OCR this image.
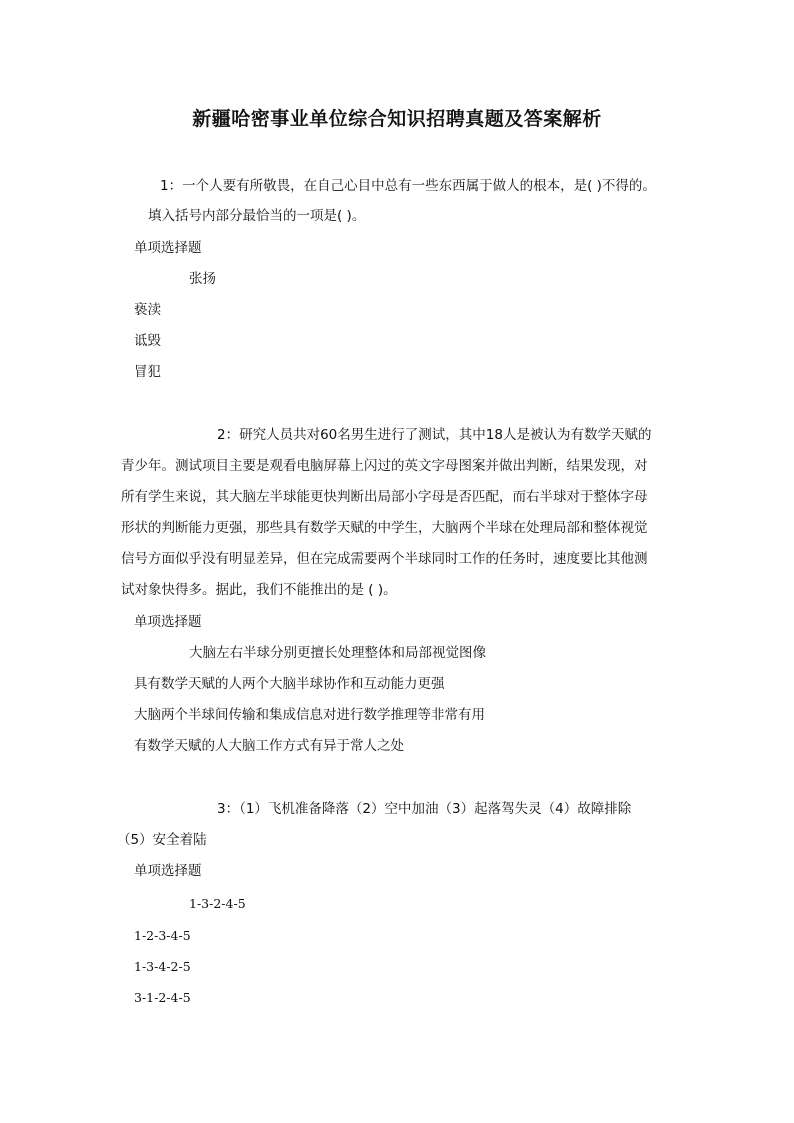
新疆哈密事业单位综合知识招聘真题及答案解析
1：一个人要有所敬畏，在自己心目中总有一些东西属于做人的根本，是( )不得的。
填入括号内部分最恰当的一项是( )。
单项选择题
张扬
亵渎
诋毁
冒犯
2：研究人员共对60名男生进行了测试，其中18人是被认为有数学天赋的
青少年。测试项目主要是观看电脑屏幕上闪过的英文字母图案并做出判断，结果发现，对
所有学生来说，其大脑左半球能更快判断出局部小字母是否匹配，而右半球对于整体字母
形状的判断能力更强，那些具有数学天赋的中学生，大脑两个半球在处理局部和整体视觉
信号方面似乎没有明显差异，但在完成需要两个半球同时工作的任务时，速度要比其他测
试对象快得多。据此，我们不能推出的是 ( )。
单项选择题
大脑左右半球分别更擅长处理整体和局部视觉图像
具有数学天赋的人两个大脑半球协作和互动能力更强
大脑两个半球间传输和集成信息对进行数学推理等非常有用
有数学天赋的人大脑工作方式有异于常人之处
3：（1）飞机准备降落（2）空中加油（3）起落驾失灵（4）故障排除
（5）安全着陆
单项选择题
1-3-2-4-5
1-2-3-4-5
1-3-4-2-5
3-1-2-4-5
